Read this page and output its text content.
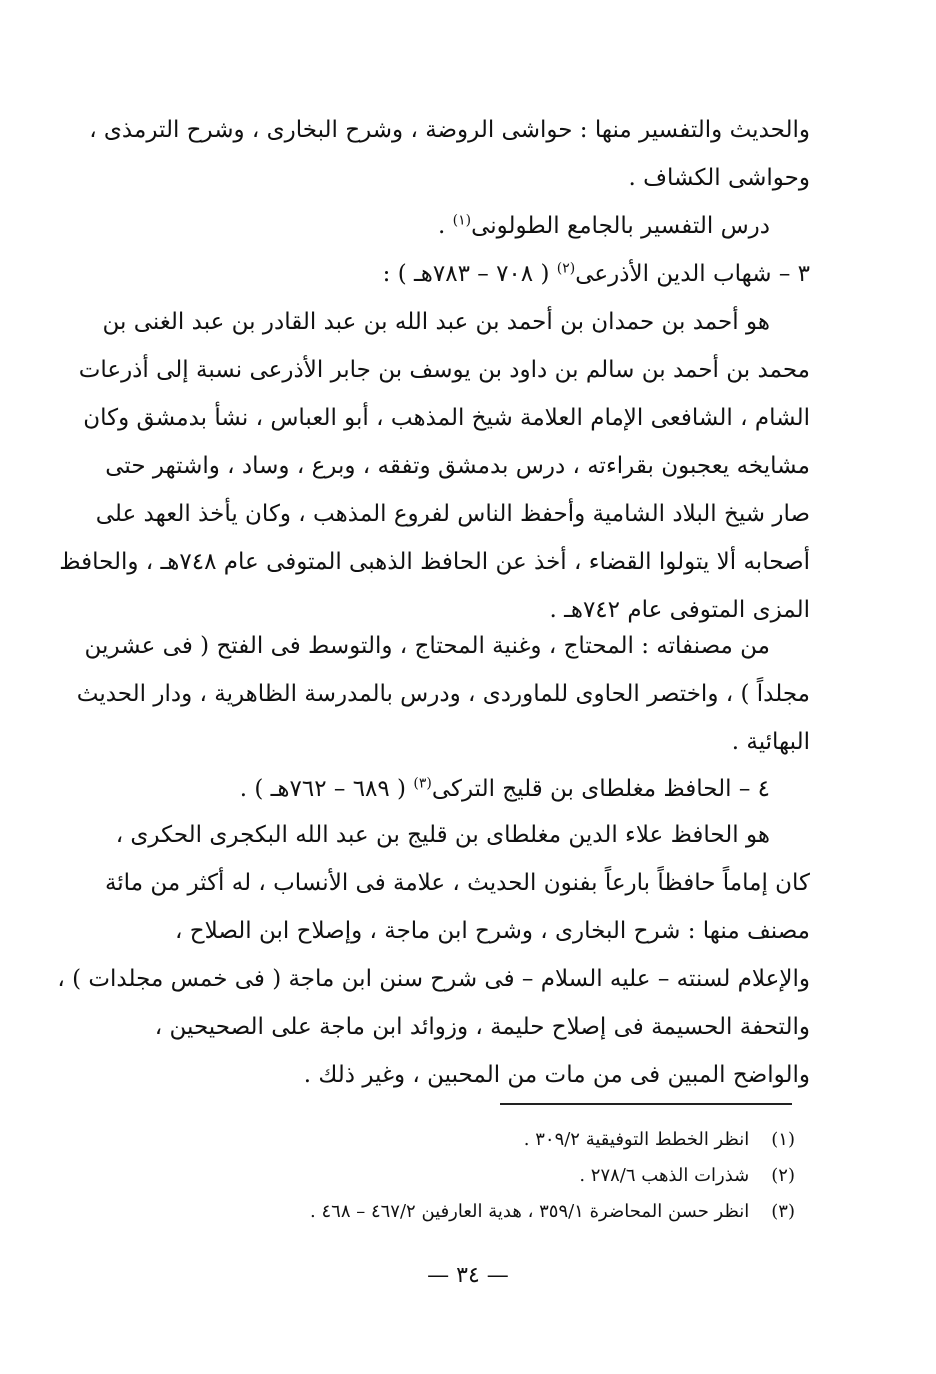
والحديث والتفسير منها : حواشى الروضة ، وشرح البخارى ، وشرح الترمذى ،
وحواشى الكشاف .
درس التفسير بالجامع الطولونى$^{(١)}$ .
٣ – شهاب الدين الأذرعى$^{(٢)}$ ( ٧٠٨ – ٧٨٣هـ ) :
هو أحمد بن حمدان بن أحمد بن عبد الله بن عبد القادر بن عبد الغنى بن
محمد بن أحمد بن سالم بن داود بن يوسف بن جابر الأذرعى نسبة إلى أذرعات
الشام ، الشافعى الإمام العلامة شيخ المذهب ، أبو العباس ، نشأ بدمشق وكان
مشايخه يعجبون بقراءته ، درس بدمشق وتفقه ، وبرع ، وساد ، واشتهر حتى
صار شيخ البلاد الشامية وأحفظ الناس لفروع المذهب ، وكان يأخذ العهد على
أصحابه ألا يتولوا القضاء ، أخذ عن الحافظ الذهبى المتوفى عام ٧٤٨هـ ، والحافظ
المزى المتوفى عام ٧٤٢هـ .
من مصنفاته : المحتاج ، وغنية المحتاج ، والتوسط فى الفتح ( فى عشرين
مجلداً ) ، واختصر الحاوى للماوردى ، ودرس بالمدرسة الظاهرية ، ودار الحديث
البهائية .
٤ – الحافظ مغلطاى بن قليج التركى$^{(٣)}$ ( ٦٨٩ – ٧٦٢هـ ) .
هو الحافظ علاء الدين مغلطاى بن قليج بن عبد الله البكجرى الحكرى ،
كان إماماً حافظاً بارعاً بفنون الحديث ، علامة فى الأنساب ، له أكثر من مائة
مصنف منها : شرح البخارى ، وشرح ابن ماجة ، وإصلاح ابن الصلاح ،
والإعلام لسنته – عليه السلام – فى شرح سنن ابن ماجة ( فى خمس مجلدات ) ،
والتحفة الحسيمة فى إصلاح حليمة ، وزوائد ابن ماجة على الصحيحين ،
والواضح المبين فى من مات من المحبين ، وغير ذلك .
(١) انظر الخطط التوفيقية ٣٠٩/٢ .
(٢) شذرات الذهب ٢٧٨/٦ .
(٣) انظر حسن المحاضرة ٣٥٩/١ ، هدية العارفين ٤٦٧/٢ – ٤٦٨ .
— ٣٤ —
